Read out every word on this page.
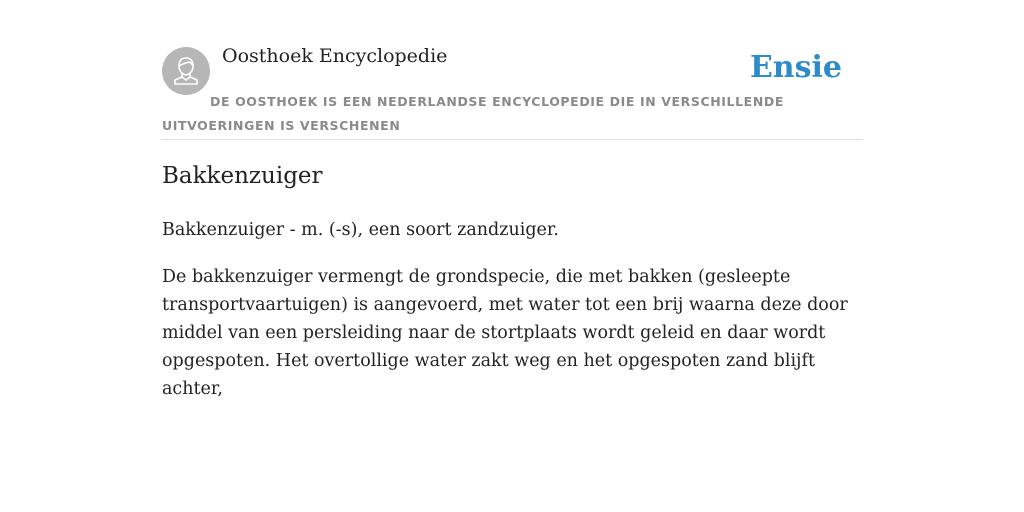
Oosthoek Encyclopedie	Ensie
DE OOSTHOEK IS EEN NEDERLANDSE ENCYCLOPEDIE DIE IN VERSCHILLENDE UITVOERINGEN IS VERSCHENEN
Bakkenzuiger

Bakkenzuiger - m. (-s), een soort zandzuiger.

De bakkenzuiger vermengt de grondspecie, die met bakken (gesleepte transportvaartuigen) is aangevoerd, met water tot een brij waarna deze door middel van een persleiding naar de stortplaats wordt geleid en daar wordt opgespoten. Het overtollige water zakt weg en het opgespoten zand blijft achter,
